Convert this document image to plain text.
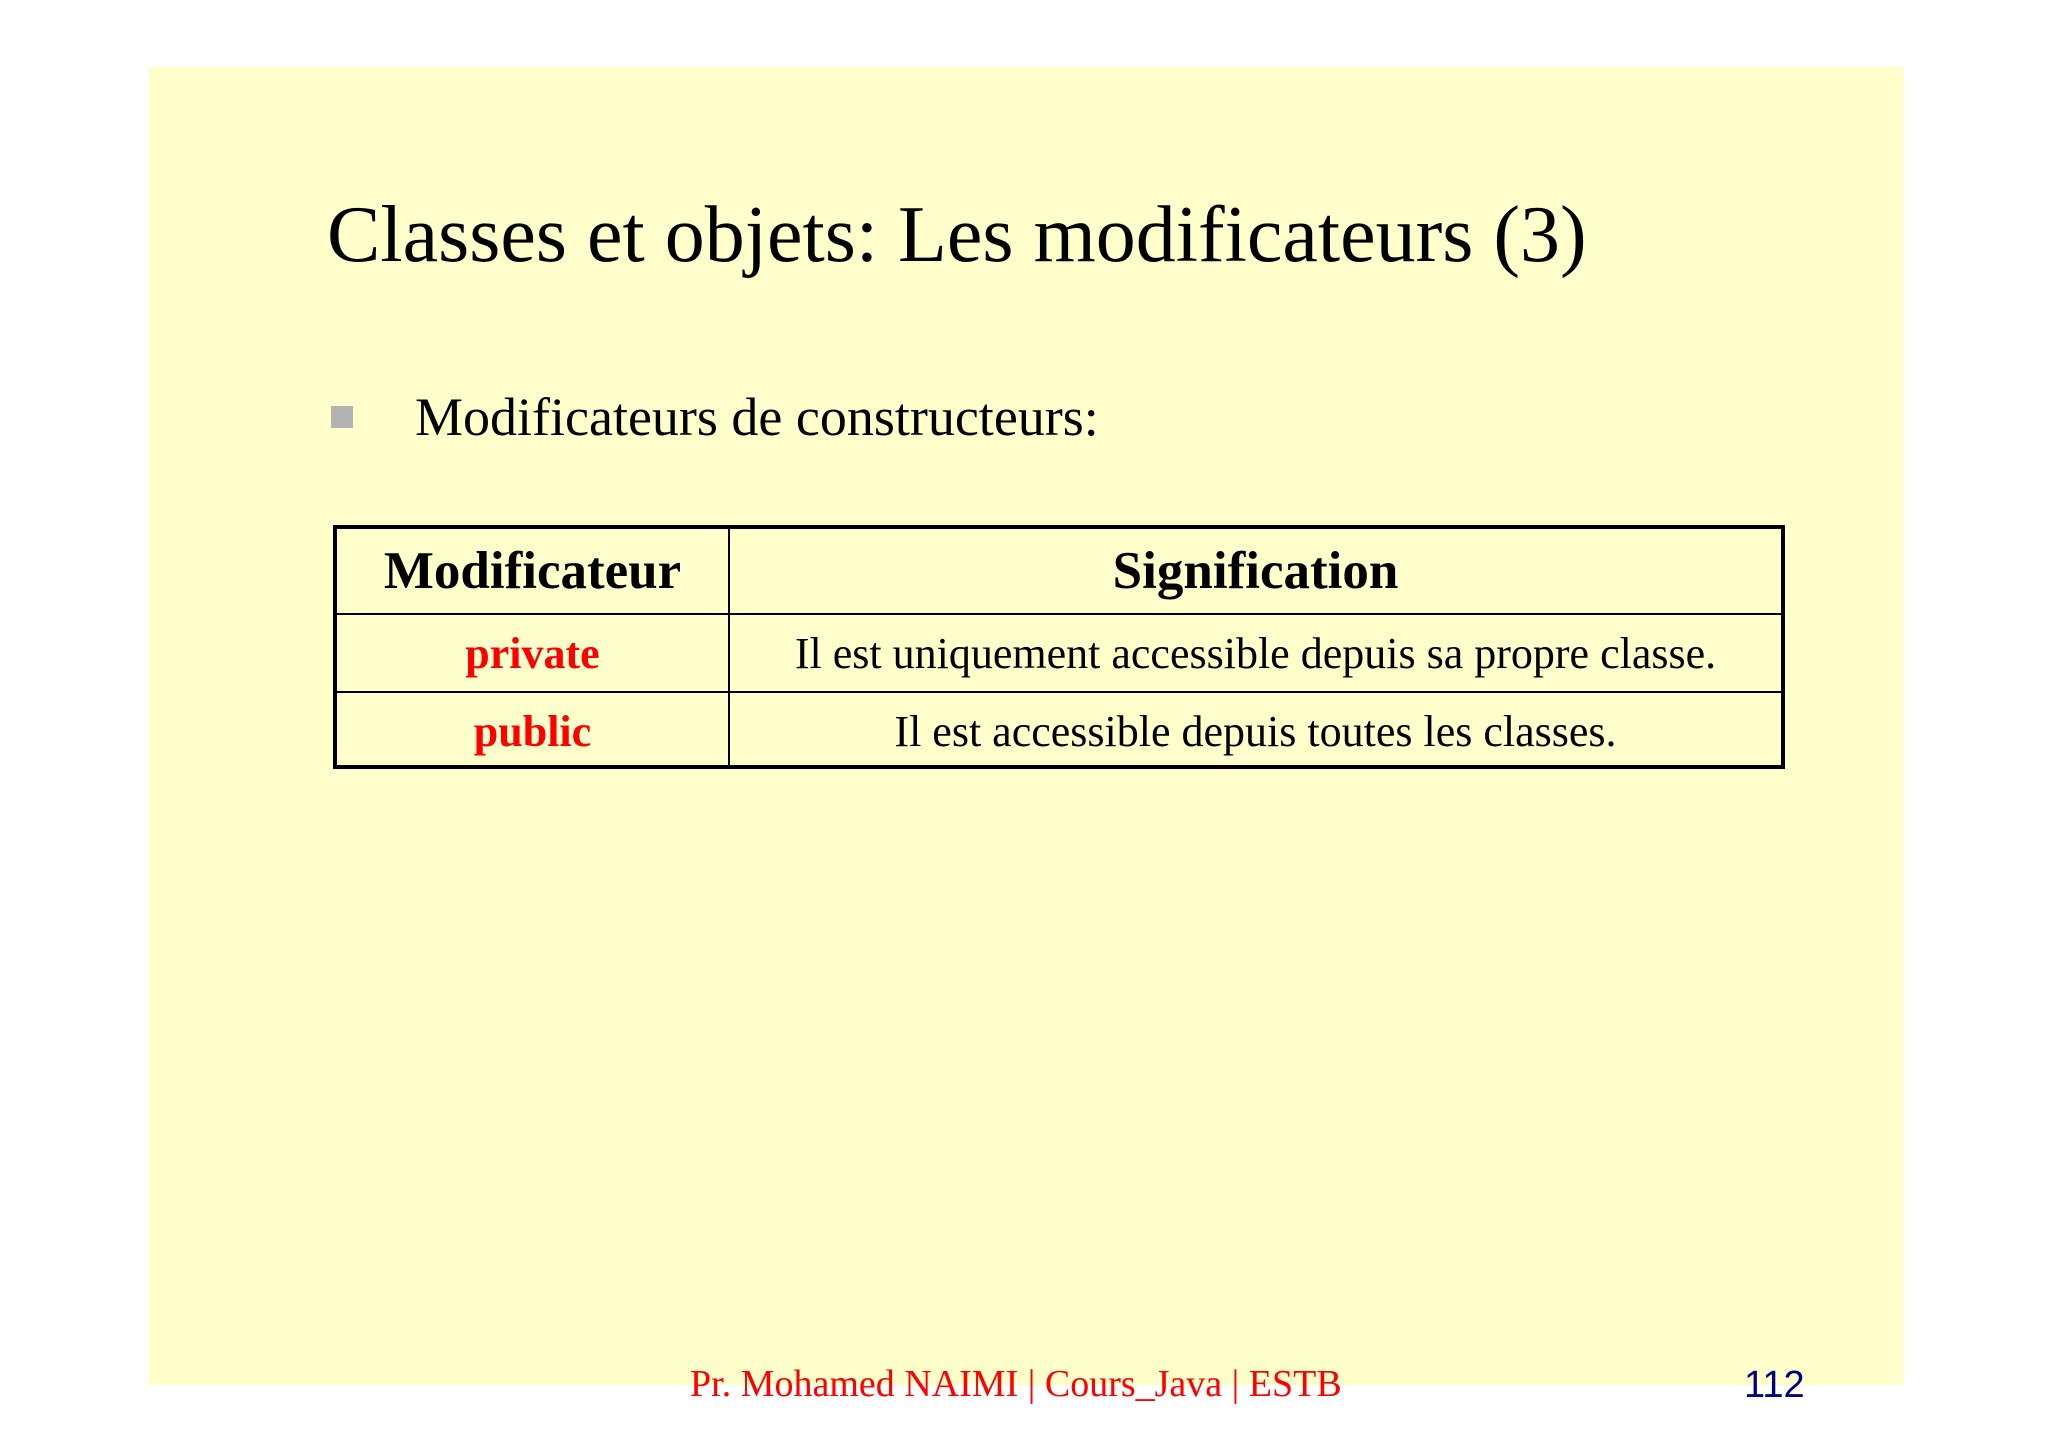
Classes et objets: Les modificateurs (3)
Modificateurs de constructeurs:
Modificateur	Signification
private	Il est uniquement accessible depuis sa propre classe.
public	Il est accessible depuis toutes les classes.
Pr. Mohamed NAIMI | Cours_Java | ESTB	112
